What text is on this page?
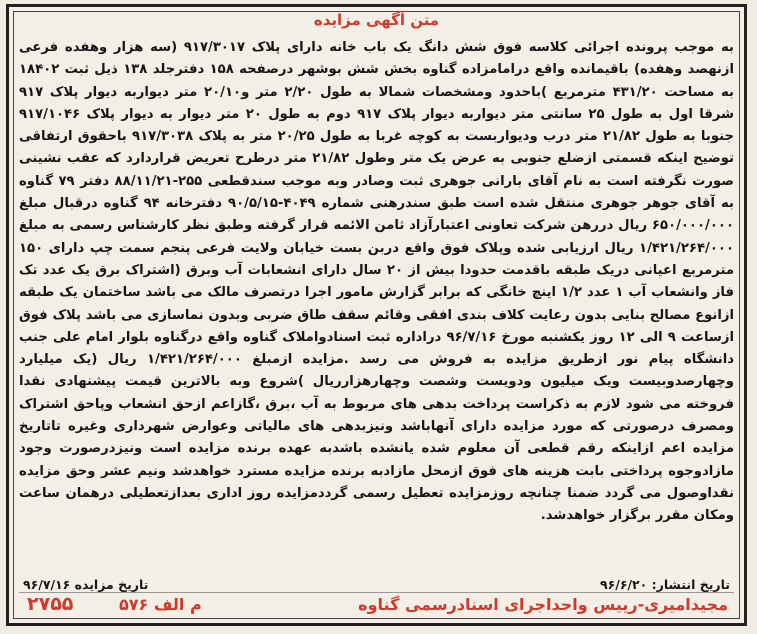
متن آگهی مزایده

به موجب پرونده اجرائی کلاسه فوق شش دانگ یک باب خانه دارای پلاک ۹۱۷/۳۰۱۷ (سه هزار وهفده فرعی ازنهصد وهفده) باقیمانده واقع درامامزاده گناوه بخش شش بوشهر درصفحه ۱۵۸ دفترجلد ۱۳۸ ذیل ثبت ۱۸۴۰۲ به مساحت ۴۳۱/۲۰ مترمربع )باحدود ومشخصات شمالا به طول ۲/۲۰ متر و۲۰/۱۰ متر دیواربه دیوار پلاک ۹۱۷ شرقا اول به طول ۲۵ سانتی متر دیواربه دیوار پلاک ۹۱۷ دوم به طول ۲۰ متر دیوار به دیوار پلاک ۹۱۷/۱۰۴۶ جنوبا به طول ۲۱/۸۲ متر درب ودیواربست به کوچه غربا به طول ۲۰/۲۵ متر به پلاک ۹۱۷/۳۰۳۸ باحقوق ارتفاقی توضیح اینکه قسمتی ازضلع جنوبی به عرض یک متر وطول ۲۱/۸۲ متر درطرح تعریض قراردارد که عقب نشینی صورت نگرفته است به نام آقای بارانی جوهری ثبت وصادر وبه موجب سندقطعی ۲۵۵-۸۸/۱۱/۲۱ دفتر ۷۹ گناوه به آقای جوهر جوهری منتقل شده است طبق سندرهنی شماره ۴۰۴۹-۹۰/۵/۱۵ دفترخانه ۹۴ گناوه درقبال مبلغ ۶۵۰/۰۰۰/۰۰۰ ریال دررهن شرکت تعاونی اعتبارآزاد ثامن الائمه قرار گرفته وطبق نظر کارشناس رسمی به مبلغ ۱/۴۲۱/۲۶۴/۰۰۰ ریال ارزیابی شده وپلاک فوق واقع دربن بست خیابان ولایت فرعی پنجم سمت چپ دارای ۱۵۰ مترمربع اعیانی دریک طبقه باقدمت حدودا بیش از ۲۰ سال دارای انشعابات آب وبرق (اشتراک برق یک عدد تک فاز وانشعاب آب ۱ عدد ۱/۲ اینچ خانگی که برابر گزارش مامور اجرا درتصرف مالک می باشد ساختمان یک طبقه ازانوع مصالح بنایی بدون رعایت کلاف بندی افقی وقائم سقف طاق ضربی وبدون نماسازی می باشد پلاک فوق ازساعت ۹ الی ۱۲ روز یکشنبه مورخ ۹۶/۷/۱۶ دراداره ثبت اسنادواملاک گناوه واقع درگناوه بلوار امام علی جنب دانشگاه پیام نور ازطریق مزایده به فروش می رسد .مزایده ازمبلغ ۱/۴۲۱/۲۶۴/۰۰۰ ریال (یک میلیارد وچهارصدوبیست ویک میلیون ودویست وشصت وچهارهزارریال )شروع وبه بالاترین قیمت پیشنهادی نقدا فروخته می شود لازم به ذکراست پرداخت بدهی های مربوط به آب ،برق ،گازاعم ازحق انشعاب وپاحق اشتراک ومصرف درصورتی که مورد مزایده دارای آنهاباشد ونیزبدهی های مالیاتی وعوارض شهرداری وغیره تاتاریخ مزایده اعم ازاینکه رقم قطعی آن معلوم شده یانشده باشدبه عهده برنده مزایده است ونیزدرصورت وجود مازادوجوه پرداختی بابت هزینه های فوق ازمحل مازادبه برنده مزایده مسترد خواهدشد ونیم عشر وحق مزایده نقداوصول می گردد ضمنا چنانچه روزمزایده تعطیل رسمی گرددمزایده روز اداری بعدازتعطیلی درهمان ساعت ومکان مقرر برگزار خواهدشد.

تاریخ انتشار: ۹۶/۶/۲۰
تاریخ مزایده ۹۶/۷/۱۶
مجیدامیری-رییس واحداجرای اسنادرسمی گناوه
م الف ۵۷۶
۲۷۵۵
